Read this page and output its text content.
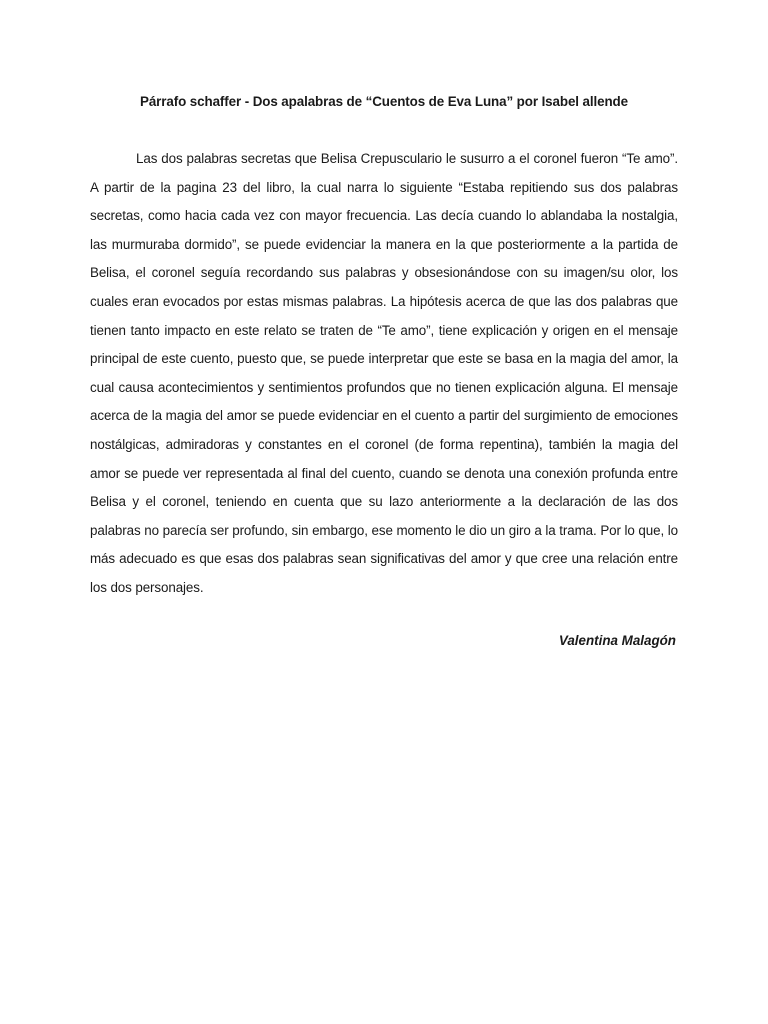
Párrafo schaffer - Dos apalabras de “Cuentos de Eva Luna” por Isabel allende

Las dos palabras secretas que Belisa Crepusculario le susurro a el coronel fueron “Te amo”. A partir de la pagina 23 del libro, la cual narra lo siguiente “Estaba repitiendo sus dos palabras secretas, como hacia cada vez con mayor frecuencia. Las decía cuando lo ablandaba la nostalgia, las murmuraba dormido”, se puede evidenciar la manera en la que posteriormente a la partida de Belisa, el coronel seguía recordando sus palabras y obsesionándose con su imagen/su olor, los cuales eran evocados por estas mismas palabras. La hipótesis acerca de que las dos palabras que tienen tanto impacto en este relato se traten de “Te amo”, tiene explicación y origen en el mensaje principal de este cuento, puesto que, se puede interpretar que este se basa en la magia del amor, la cual causa acontecimientos y sentimientos profundos que no tienen explicación alguna. El mensaje acerca de la magia del amor se puede evidenciar en el cuento a partir del surgimiento de emociones nostálgicas, admiradoras y constantes en el coronel (de forma repentina), también la magia del amor se puede ver representada al final del cuento, cuando se denota una conexión profunda entre Belisa y el coronel, teniendo en cuenta que su lazo anteriormente a la declaración de las dos palabras no parecía ser profundo, sin embargo, ese momento le dio un giro a la trama. Por lo que, lo más adecuado es que esas dos palabras sean significativas del amor y que cree una relación entre los dos personajes.

Valentina Malagón
